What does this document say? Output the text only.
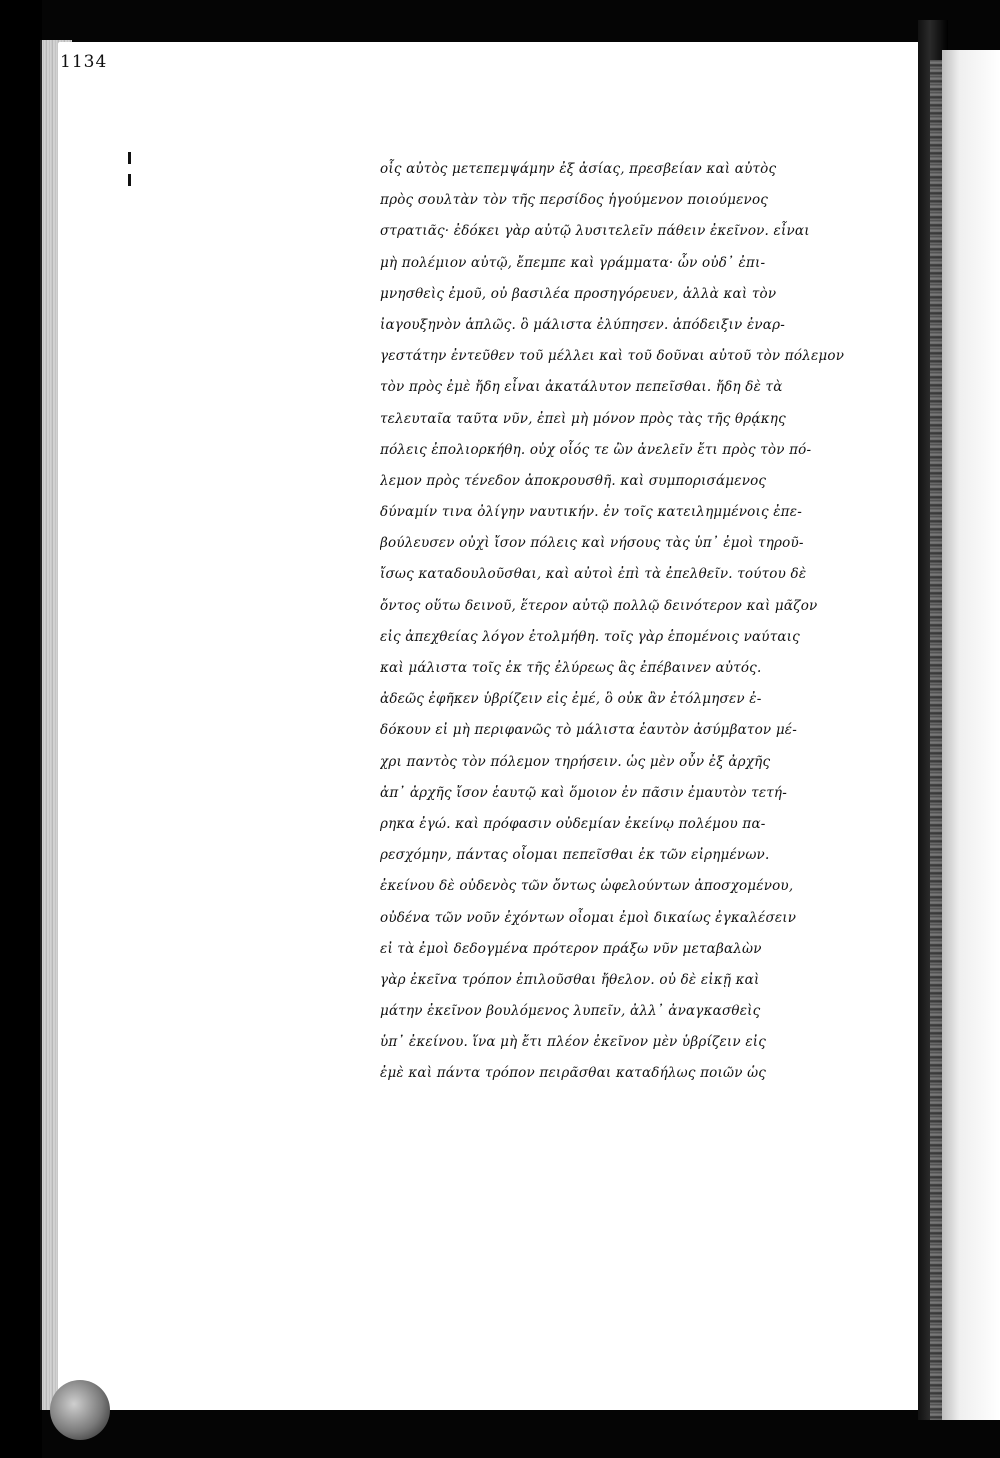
1134
οἷς αὐτὸς μετεπεμψάμην ἐξ ἀσίας, πρεσβείαν καὶ αὐτὸς
πρὸς σουλτὰν τὸν τῆς περσίδος ἡγούμενον ποιούμενος
στρατιᾶς· ἐδόκει γὰρ αὐτῷ λυσιτελεῖν πάθειν ἐκεῖνον. εἶναι
μὴ πολέμιον αὐτῷ, ἔπεμπε καὶ γράμματα· ὧν οὐδ᾽ ἐπι-
μνησθεὶς ἐμοῦ, οὐ βασιλέα προσηγόρευεν, ἀλλὰ καὶ τὸν
ἰαγουξηνὸν ἁπλῶς. ὃ μάλιστα ἐλύπησεν. ἀπόδειξιν ἐναρ-
γεστάτην ἐντεῦθεν τοῦ μέλλει καὶ τοῦ δοῦναι αὐτοῦ τὸν πόλεμον
τὸν πρὸς ἐμὲ ἤδη εἶναι ἀκατάλυτον πεπεῖσθαι. ἤδη δὲ τὰ
τελευταῖα ταῦτα νῦν, ἐπεὶ μὴ μόνον πρὸς τὰς τῆς θρᾴκης
πόλεις ἐπολιορκήθη. οὐχ οἷός τε ὢν ἀνελεῖν ἔτι πρὸς τὸν πό-
λεμον πρὸς τένεδον ἀποκρουσθῆ. καὶ συμπορισάμενος
δύναμίν τινα ὀλίγην ναυτικήν. ἐν τοῖς κατειλημμένοις ἐπε-
βούλευσεν οὐχὶ ἴσον πόλεις καὶ νήσους τὰς ὑπ᾽ ἐμοὶ τηροῦ-
ἴσως καταδουλοῦσθαι, καὶ αὐτοὶ ἐπὶ τὰ ἐπελθεῖν. τούτου δὲ
ὄντος οὕτω δεινοῦ, ἕτερον αὐτῷ πολλῷ δεινότερον καὶ μᾶζον
εἰς ἀπεχθείας λόγον ἐτολμήθη. τοῖς γὰρ ἑπομένοις ναύταις
καὶ μάλιστα τοῖς ἐκ τῆς ἐλύρεως ἃς ἐπέβαινεν αὐτός.
ἀδεῶς ἐφῆκεν ὑβρίζειν εἰς ἐμέ, ὃ οὐκ ἂν ἐτόλμησεν ἐ-
δόκουν εἰ μὴ περιφανῶς τὸ μάλιστα ἑαυτὸν ἀσύμβατον μέ-
χρι παντὸς τὸν πόλεμον τηρήσειν. ὡς μὲν οὖν ἐξ ἀρχῆς
ἀπ᾽ ἀρχῆς ἴσον ἑαυτῷ καὶ ὅμοιον ἐν πᾶσιν ἐμαυτὸν τετή-
ρηκα ἐγώ. καὶ πρόφασιν οὐδεμίαν ἐκείνῳ πολέμου πα-
ρεσχόμην, πάντας οἶομαι πεπεῖσθαι ἐκ τῶν εἰρημένων.
ἐκείνου δὲ οὐδενὸς τῶν ὄντως ὠφελούντων ἀποσχομένου,
οὐδένα τῶν νοῦν ἐχόντων οἶομαι ἐμοὶ δικαίως ἐγκαλέσειν
εἰ τὰ ἐμοὶ δεδογμένα πρότερον πράξω νῦν μεταβαλὼν
γὰρ ἐκεῖνα τρόπον ἐπιλοῦσθαι ἤθελον. οὐ δὲ εἰκῇ καὶ
μάτην ἐκεῖνον βουλόμενος λυπεῖν, ἀλλ᾽ ἀναγκασθεὶς
ὑπ᾽ ἐκείνου. ἵνα μὴ ἔτι πλέον ἐκεῖνον μὲν ὑβρίζειν εἰς
ἐμὲ καὶ πάντα τρόπον πειρᾶσθαι καταδήλως ποιῶν ὡς
